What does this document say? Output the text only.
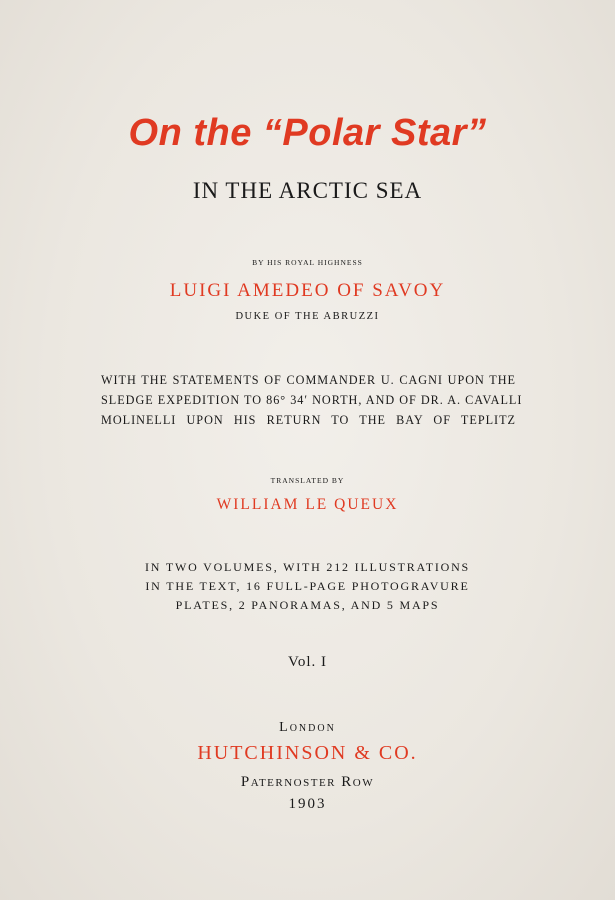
On the “Polar Star”
IN THE ARCTIC SEA
BY HIS ROYAL HIGHNESS
LUIGI AMEDEO OF SAVOY
DUKE OF THE ABRUZZI
WITH THE STATEMENTS OF COMMANDER U. CAGNI UPON THE
SLEDGE EXPEDITION TO 86° 34′ NORTH, AND OF DR. A. CAVALLI
MOLINELLI UPON HIS RETURN TO THE BAY OF TEPLITZ
TRANSLATED BY
WILLIAM LE QUEUX
IN TWO VOLUMES, WITH 212 ILLUSTRATIONS
IN THE TEXT, 16 FULL-PAGE PHOTOGRAVURE
PLATES, 2 PANORAMAS, AND 5 MAPS
Vol. I
London
HUTCHINSON & CO.
Paternoster Row
1903
